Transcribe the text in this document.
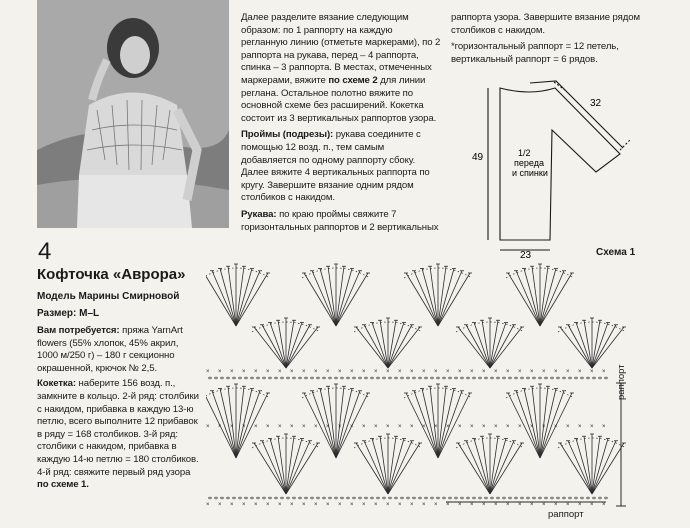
Далее разделите вязание следующим образом: по 1 раппорту на каждую регланную линию (отметьте маркерами), по 2 раппорта на рукава, перед – 4 раппорта, спинка – 3 раппорта. В местах, отмеченных маркерами, вяжите по схеме 2 для линии реглана. Остальное полотно вяжите по основной схеме без расширений. Кокетка состоит из 3 вертикальных раппортов узора.

Проймы (подрезы): рукава соедините с помощью 12 возд. п., тем самым добавляется по одному раппорту сбоку. Далее вяжите 4 вертикальных раппорта по кругу. Завершите вязание одним рядом столбиков с накидом.

Рукава: по краю проймы свяжите 7 горизонтальных раппортов и 2 вертикальных

раппорта узора. Завершите вязание рядом столбиков с накидом.

*горизонтальный раппорт = 12 петель, вертикальный раппорт = 6 рядов.

32
49
23
1/2
переда
и спинки
4
Кофточка «Аврора»
Модель Марины Смирновой
Размер: M–L

Вам потребуется: пряжа YarnArt flowers (55% хлопок, 45% акрил, 1000 м/250 г) – 180 г секционно окрашенной, крючок № 2,5.

Кокетка: наберите 156 возд. п., замкните в кольцо. 2-й ряд: столбики с накидом, прибавка в каждую 13-ю петлю, всего выполните 12 прибавок в ряду = 168 столбиков. 3-й ряд: столбики с накидом, прибавка в каждую 14-ю петлю = 180 столбиков. 4-й ряд: свяжите первый ряд узора по схеме 1.

Схема 1
× × × × × × × × × × × × × × × × × × × × × × × × × × × × × × × × × ×
× × × × × × × × × × × × × × × × × × × × × × × × × × × × × × × × × ×
× × × × × × × × × × × × × × × × × × × × × × × × × × × × × × × × × ×
раппорт
раппорт
